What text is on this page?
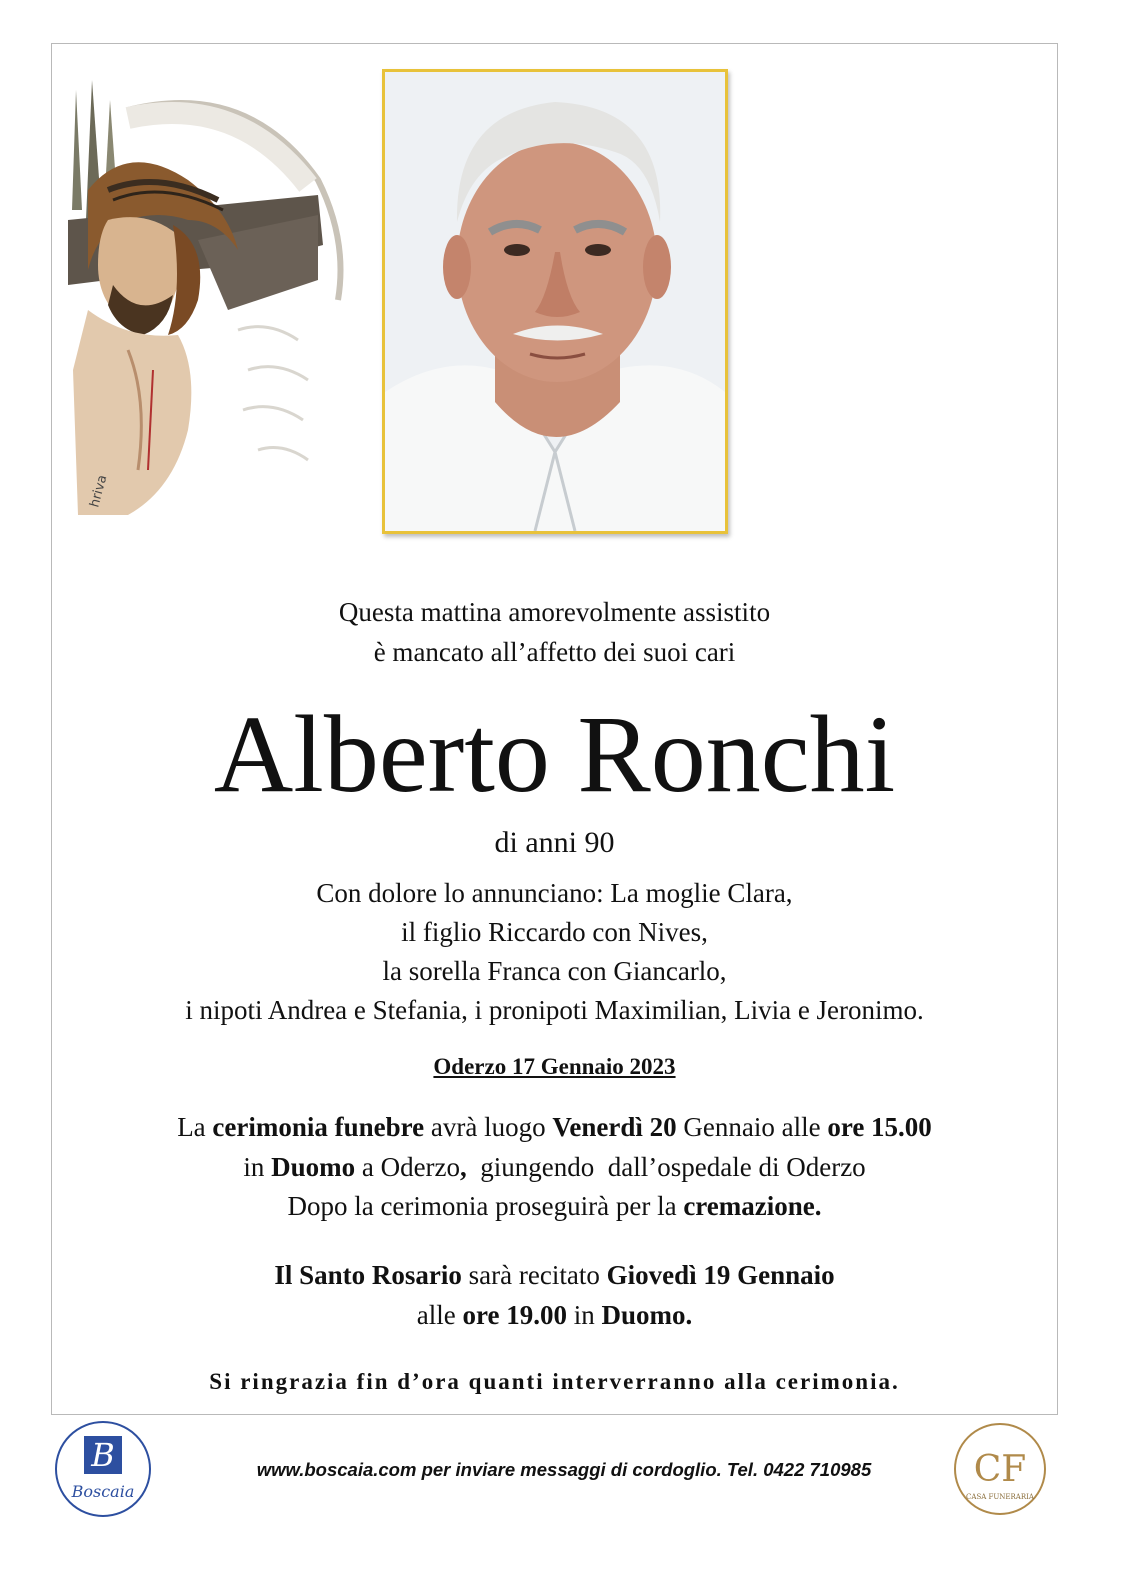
hriva
Questa mattina amorevolmente assistito
è mancato all’affetto dei suoi cari
Alberto Ronchi
di anni 90
Con dolore lo annunciano: La moglie Clara,
il figlio Riccardo con Nives,
la sorella Franca con Giancarlo,
i nipoti Andrea e Stefania, i pronipoti Maximilian, Livia e Jeronimo.
Oderzo 17 Gennaio 2023
La cerimonia funebre avrà luogo Venerdì 20 Gennaio alle ore 15.00
in Duomo a Oderzo,  giungendo  dall’ospedale di Oderzo
Dopo la cerimonia proseguirà per la cremazione.
Il Santo Rosario sarà recitato Giovedì 19 Gennaio
alle ore 19.00 in Duomo.
Si ringrazia fin d’ora quanti interverranno alla cerimonia.
B
Boscaia
www.boscaia.com per inviare messaggi di cordoglio. Tel. 0422 710985	CF
CASA FUNERARIA
